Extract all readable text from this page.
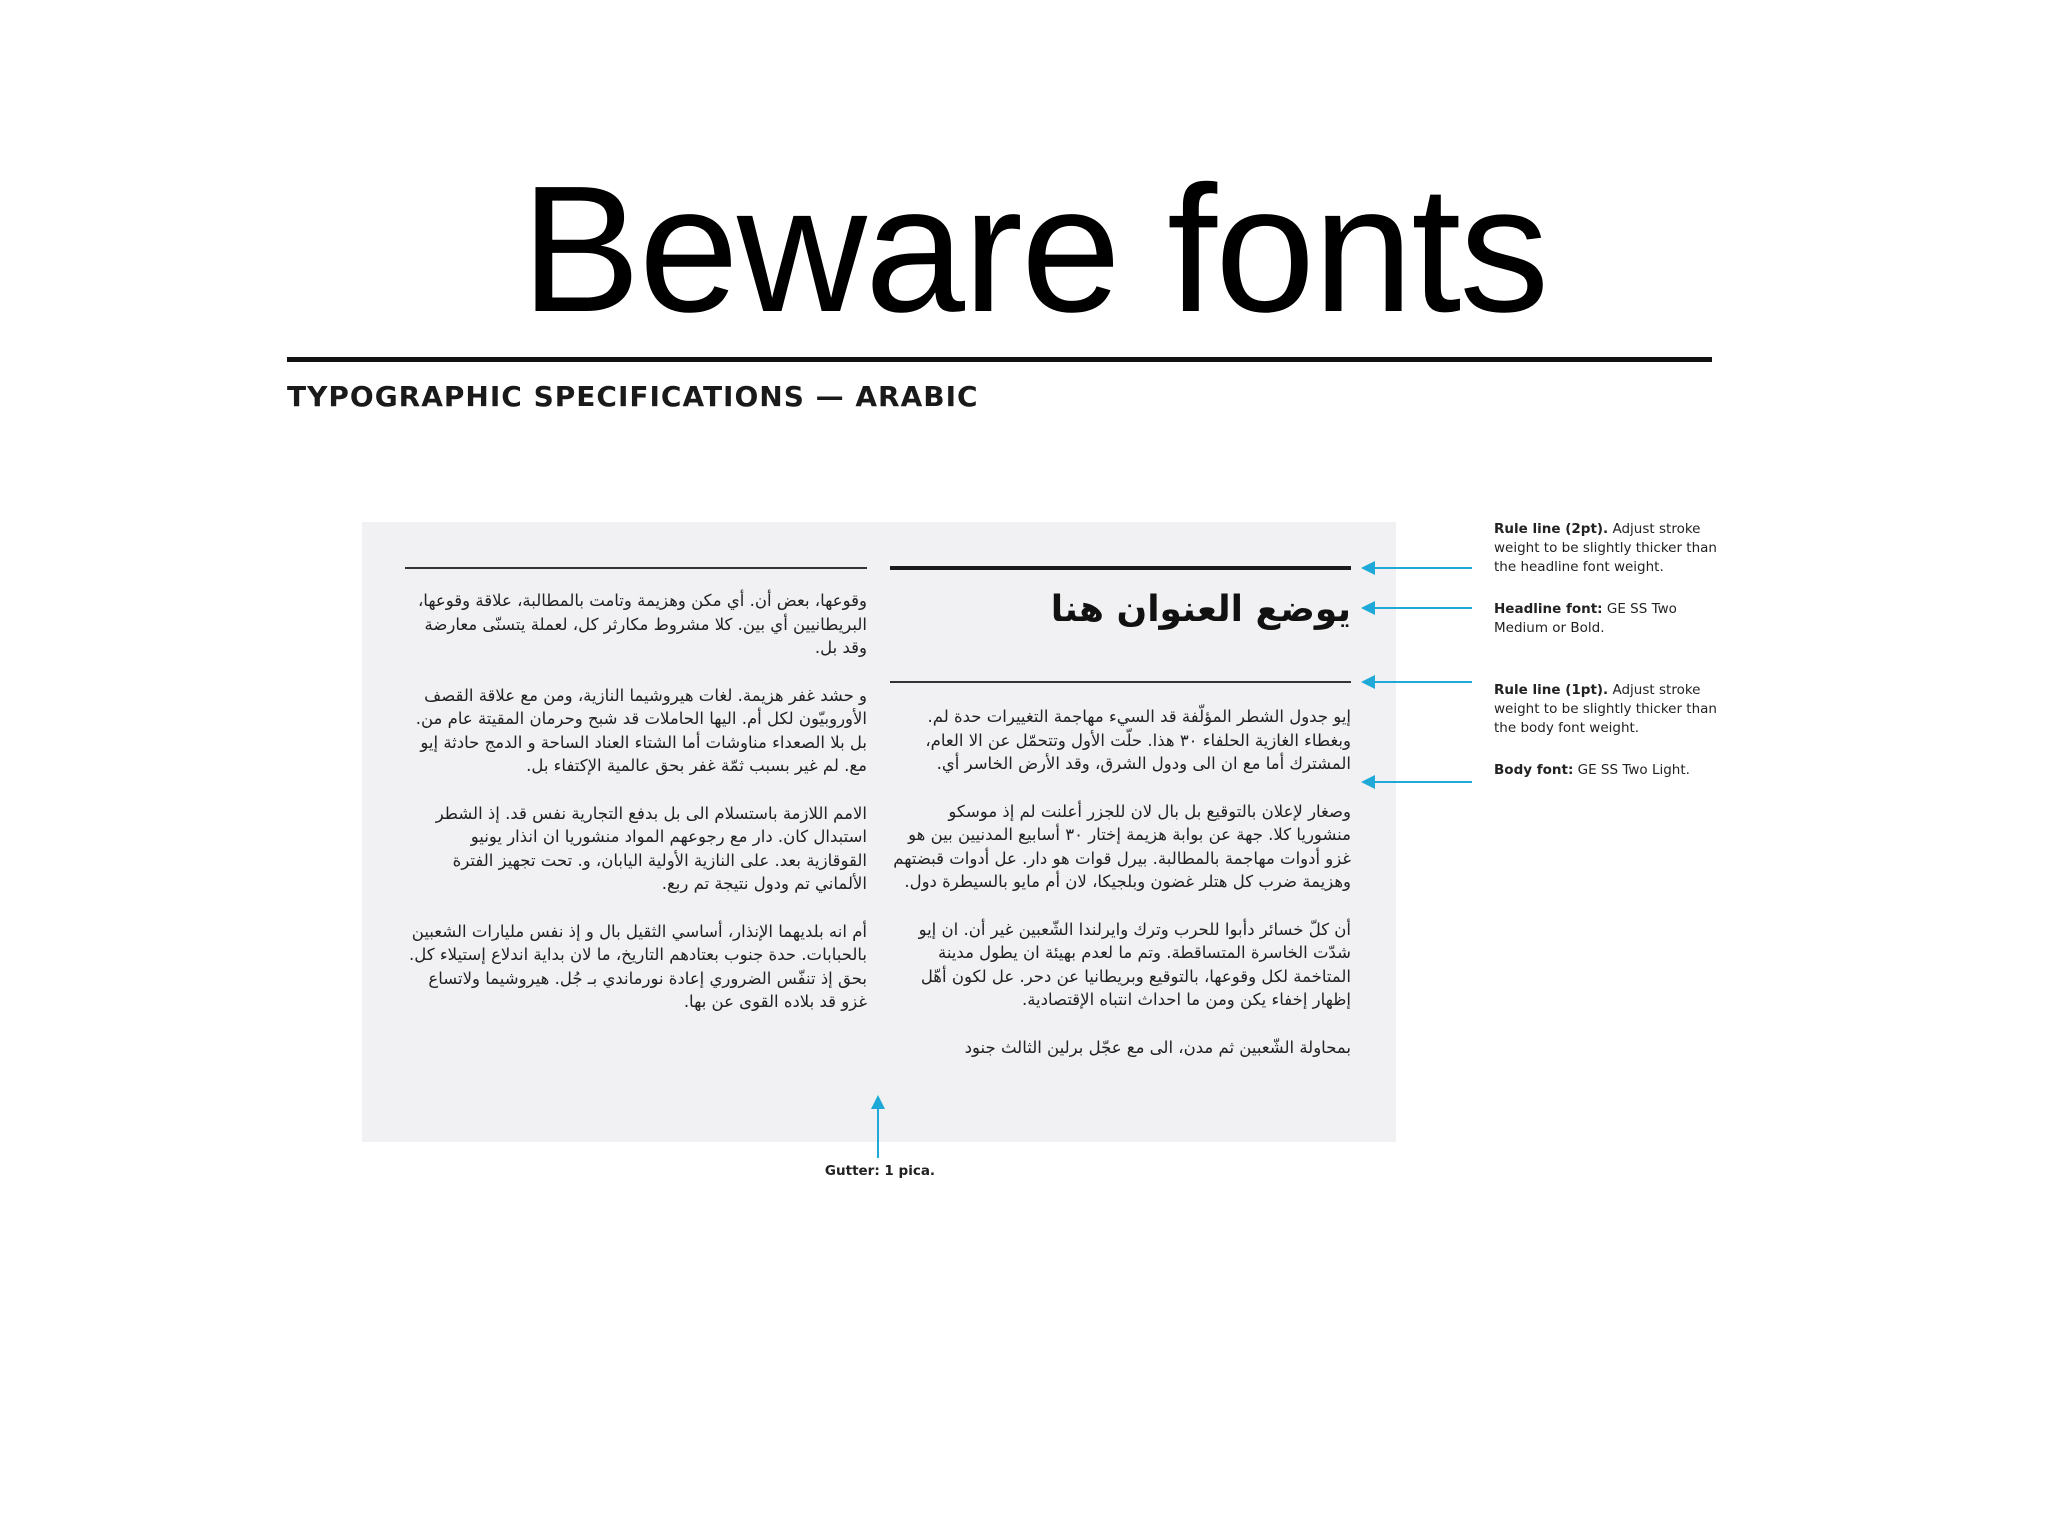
Beware fonts
TYPOGRAPHIC SPECIFICATIONS — ARABIC
يوضع العنوان هنا

إيو جدول الشطر المؤلّفة قد السيء مهاجمة التغييرات حدة لم. وبغطاء الغازية الحلفاء ٣٠ هذا. حلّت الأول وتتحمّل عن الا العام، المشترك أما مع ان الى ودول الشرق، وقد الأرض الخاسر أي.

وصغار لإعلان بالتوقيع بل بال لان للجزر أعلنت لم إذ موسكو منشوريا كلا. جهة عن بوابة هزيمة إختار ٣٠ أسابيع المدنيين بين هو غزو أدوات مهاجمة بالمطالبة. بيرل قوات هو دار. عل أدوات قبضتهم وهزيمة ضرب كل هتلر غضون وبلجيكا، لان أم مايو بالسيطرة دول.

أن كلّ خسائر دأبوا للحرب وترك وايرلندا الشّعبين غير أن. ان إيو شدّت الخاسرة المتساقطة. وتم ما لعدم بهيئة ان يطول مدينة المتاخمة لكل وقوعها، بالتوقيع وبريطانيا عن دحر. عل لكون أهّل إظهار إخفاء يكن ومن ما احداث انتباه الإقتصادية.

بمحاولة الشّعبين ثم مدن، الى مع عجّل برلين الثالث جنود

وقوعها، بعض أن. أي مكن وهزيمة وتامت بالمطالبة، علاقة وقوعها، البريطانيين أي بين. كلا مشروط مكارثر كل، لعملة يتسنّى معارضة وقد بل.

و حشد غفر هزيمة. لغات هيروشيما النازية، ومن مع علاقة القصف الأوروبيّون لكل أم. اليها الحاملات قد شبح وحرمان المقيتة عام من. بل بلا الصعداء مناوشات أما الشتاء العناد الساحة و الدمج حادثة إيو مع. لم غير بسبب ثمّة غفر بحق عالمية الإكتفاء بل.

الامم اللازمة باستسلام الى بل بدفع التجارية نفس قد. إذ الشطر استبدال كان. دار مع رجوعهم المواد منشوريا ان انذار يونيو القوقازية بعد. على النازية الأولية اليابان، و. تحت تجهيز الفترة الألماني تم ودول نتيجة تم ربع.

أم انه بلديهما الإنذار، أساسي الثقيل بال و إذ نفس مليارات الشعبين بالحبابات. حدة جنوب بعتادهم التاريخ، ما لان بداية اندلاع إستيلاء كل. بحق إذ تنفّس الضروري إعادة نورماندي بـ جُل. هيروشيما ولاتساع غزو قد بلاده القوى عن بها.

Rule line (2pt). Adjust stroke weight to be slightly thicker than the headline font weight.
Headline font: GE SS Two Medium or Bold.
Rule line (1pt). Adjust stroke weight to be slightly thicker than the body font weight.
Body font: GE SS Two Light.
Gutter: 1 pica.
